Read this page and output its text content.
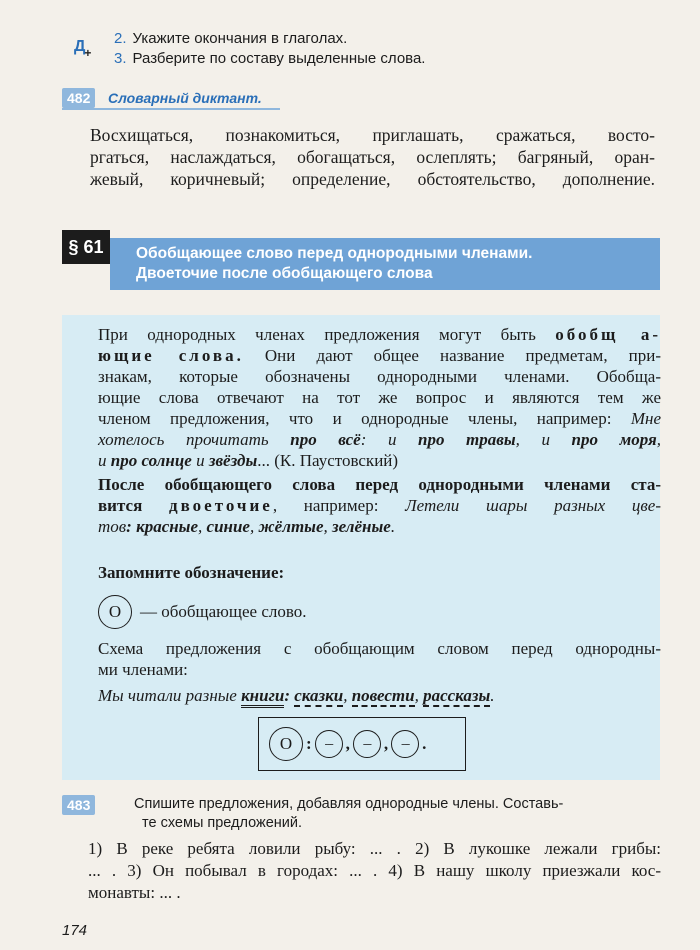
$Д_+$
2. Укажите окончания в глаголах.
3. Разберите по составу выделенные слова.
482	Словарный диктант.
Восхищаться, познакомиться, приглашать, сражаться, восто-
ргаться, наслаждаться, обогащаться, ослеплять; багряный, оран-
жевый, коричневый; определение, обстоятельство, дополнение.
§ 61	Обобщающее слово перед однородными членами.
Двоеточие после обобщающего слова
При однородных членах предложения могут быть обобщ а-
ющие слова. Они дают общее название предметам, при-
знакам, которые обозначены однородными членами. Обобща-
ющие слова отвечают на тот же вопрос и являются тем же
членом предложения, что и однородные члены, например: Мне
хотелось прочитать про всё: и про травы, и про моря,
и про солнце и звёзды... (К. Паустовский)
После обобщающего слова перед однородными членами ста-
вится двоеточие, например: Летели шары разных цве-
тов: красные, синие, жёлтые, зелёные.
Запомните обозначение:
О — обобщающее слово.
Схема предложения с обобщающим словом перед однородны-
ми членами:
Мы читали разные книги: сказки, повести, рассказы.
О : --- , --- , --- .
483	Спишите предложения, добавляя однородные члены. Составь-
те схемы предложений.
1) В реке ребята ловили рыбу: ... . 2) В лукошке лежали грибы:
... . 3) Он побывал в городах: ... . 4) В нашу школу приезжали кос-
монавты: ... .
174
